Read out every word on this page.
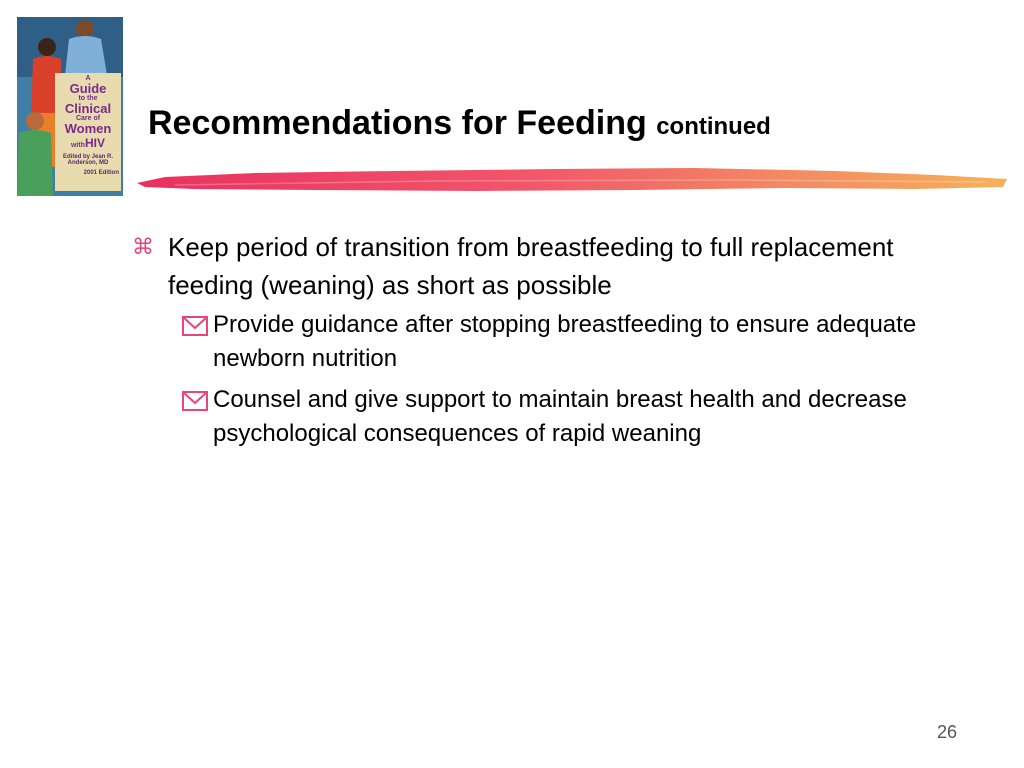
A
Guide
to the
Clinical
Care of
Women
withHIV
Edited by Jean R. Anderson, MD
2001 Edition
Recommendations for Feeding continued
⌘ Keep period of transition from breastfeeding to full replacement feeding (weaning) as short as possible
Provide guidance after stopping breastfeeding to ensure adequate newborn nutrition
Counsel and give support to maintain breast health and decrease psychological consequences of rapid weaning
26
